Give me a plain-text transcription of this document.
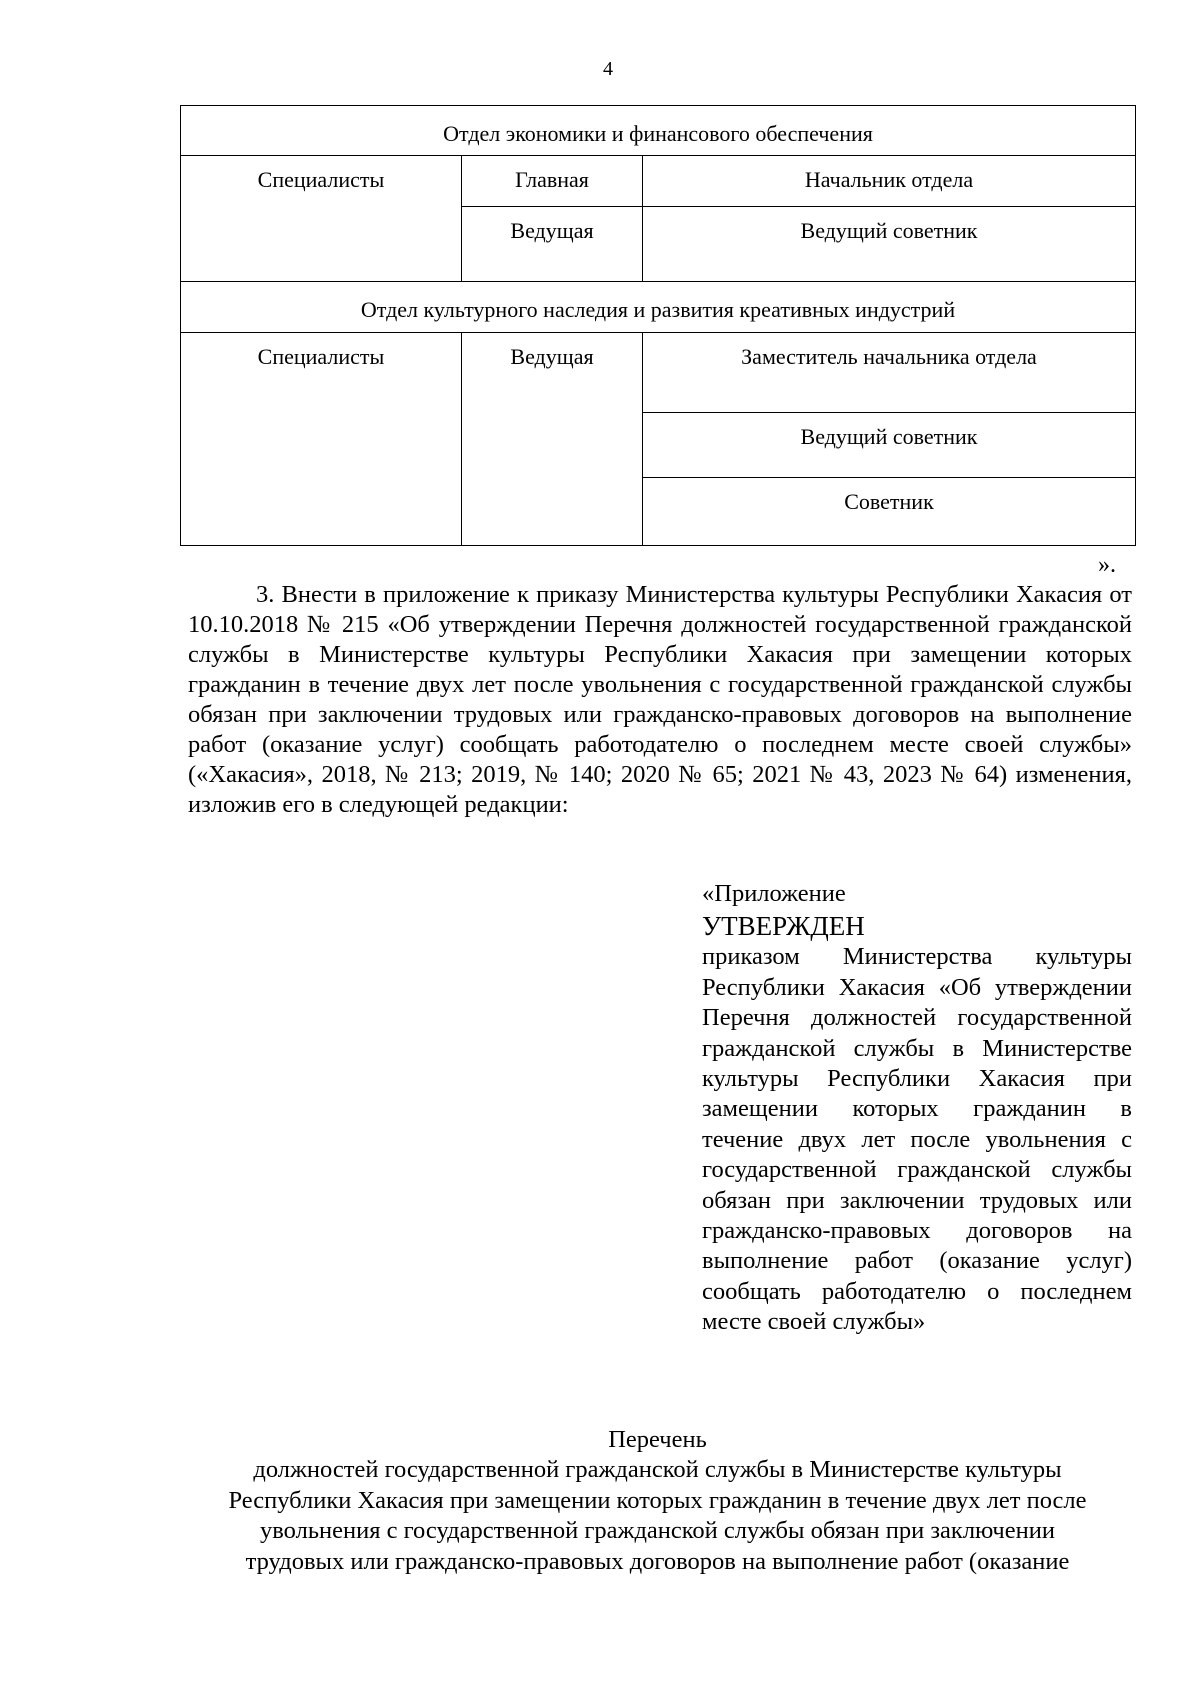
4
Отдел экономики и финансового обеспечения		
Специалисты	Главная	Начальник отдела
	Ведущая	Ведущий советник
Отдел культурного наследия и развития креативных индустрий		
Специалисты	Ведущая	Заместитель начальника отдела
		Ведущий советник
		Советник
».

3. Внести в приложение к приказу Министерства культуры Республики Хакасия от 10.10.2018 № 215 «Об утверждении Перечня должностей государственной гражданской службы в Министерстве культуры Республики Хакасия при замещении которых гражданин в течение двух лет после увольнения с государственной гражданской службы обязан при заключении трудовых или гражданско-правовых договоров на выполнение работ (оказание услуг) сообщать работодателю о последнем месте своей службы» («Хакасия», 2018, № 213; 2019, № 140; 2020 № 65; 2021 № 43, 2023 № 64) изменения, изложив его в следующей редакции:

«Приложение
УТВЕРЖДЕН
приказом Министерства культуры Республики Хакасия «Об утверждении Перечня должностей государственной гражданской службы в Министерстве культуры Республики Хакасия при замещении которых гражданин в течение двух лет после увольнения с государственной гражданской службы обязан при заключении трудовых или гражданско-правовых договоров на выполнение работ (оказание услуг) сообщать работодателю о последнем месте своей службы»
Перечень
должностей государственной гражданской службы в Министерстве культуры
Республики Хакасия при замещении которых гражданин в течение двух лет после
увольнения с государственной гражданской службы обязан при заключении
трудовых или гражданско-правовых договоров на выполнение работ (оказание
